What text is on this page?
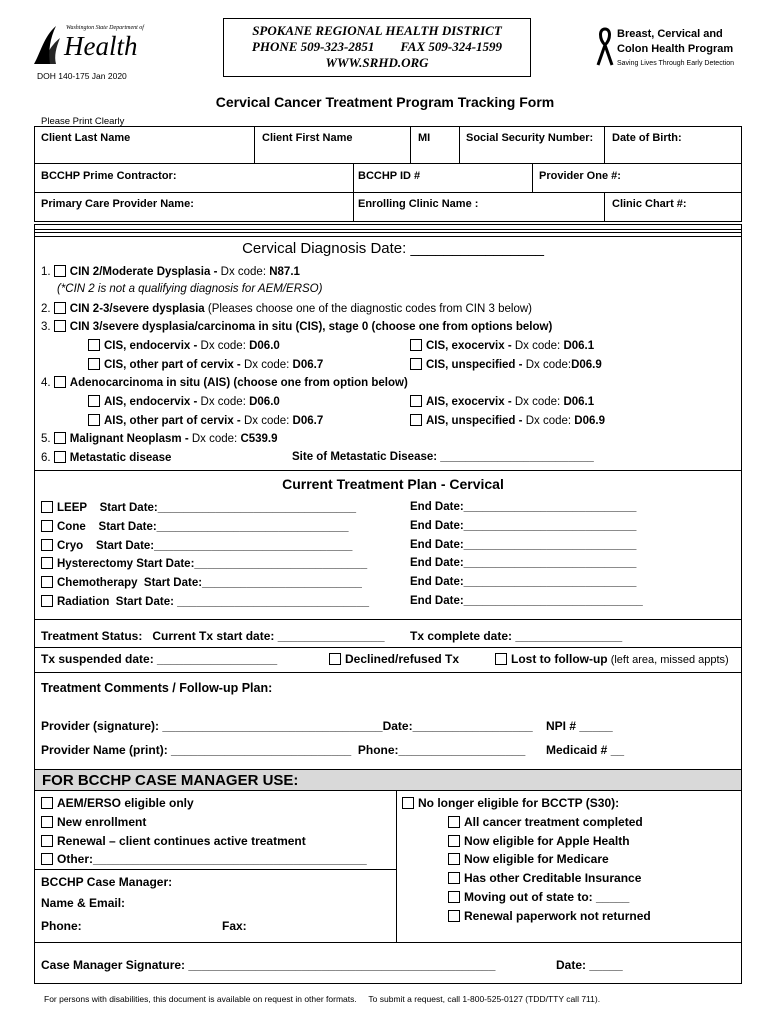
Washington State Department of
Health
DOH 140-175 Jan 2020
SPOKANE REGIONAL HEALTH DISTRICT
PHONE 509-323-2851        FAX 509-324-1599
WWW.SRHD.ORG
Breast, Cervical and
Colon Health Program
Saving Lives Through Early Detection
Cervical Cancer Treatment Program Tracking Form
Please Print Clearly
Client Last Name	Client First Name	MI	Social Security Number: Date of Birth:
BCCHP Prime Contractor:	BCCHP ID #	Provider One #:
Primary Care Provider Name:	Enrolling Clinic Name :	Clinic Chart #:
Cervical Diagnosis Date: ________________
1. CIN 2/Moderate Dysplasia - Dx code: N87.1
(*CIN 2 is not a qualifying diagnosis for AEM/ERSO)
2. CIN 2-3/severe dysplasia (Pleases choose one of the diagnostic codes from CIN 3 below)
3. CIN 3/severe dysplasia/carcinoma in situ (CIS), stage 0 (choose one from options below)
CIS, endocervix - Dx code: D06.0	CIS, exocervix - Dx code: D06.1
CIS, other part of cervix - Dx code: D06.7	CIS, unspecified - Dx code:D06.9
4. Adenocarcinoma in situ (AIS) (choose one from option below)
AIS, endocervix - Dx code: D06.0	AIS, exocervix - Dx code: D06.1
AIS, other part of cervix - Dx code: D06.7	AIS, unspecified - Dx code: D06.9
5. Malignant Neoplasm - Dx code: C539.9
6. Metastatic disease	Site of Metastatic Disease: ________________________
Current Treatment Plan - Cervical
LEEP    Start Date:_______________________________	End Date:___________________________
Cone    Start Date:______________________________	End Date:___________________________
Cryo    Start Date:_______________________________	End Date:___________________________
Hysterectomy Start Date:___________________________	End Date:___________________________
Chemotherapy  Start Date:_________________________	End Date:___________________________
Radiation  Start Date: ______________________________	End Date:____________________________
Treatment Status:   Current Tx start date: ________________ Tx complete date: ________________
Tx suspended date: __________________	Declined/refused Tx	Lost to follow-up (left area, missed appts)
Treatment Comments / Follow-up Plan:
Provider (signature): _________________________________Date:__________________ NPI # _____
Provider Name (print): ___________________________  Phone:___________________ Medicaid # __
FOR BCCHP CASE MANAGER USE:
AEM/ERSO eligible only
New enrollment
Renewal – client continues active treatment
Other:_________________________________________
BCCHP Case Manager:
Name & Email:
Phone:	Fax:
No longer eligible for BCCTP (S30):
All cancer treatment completed
Now eligible for Apple Health
Now eligible for Medicare
Has other Creditable Insurance
Moving out of state to: _____
Renewal paperwork not returned
Case Manager Signature: ______________________________________________	Date: _____
For persons with disabilities, this document is available on request in other formats.     To submit a request, call 1-800-525-0127 (TDD/TTY call 711).
